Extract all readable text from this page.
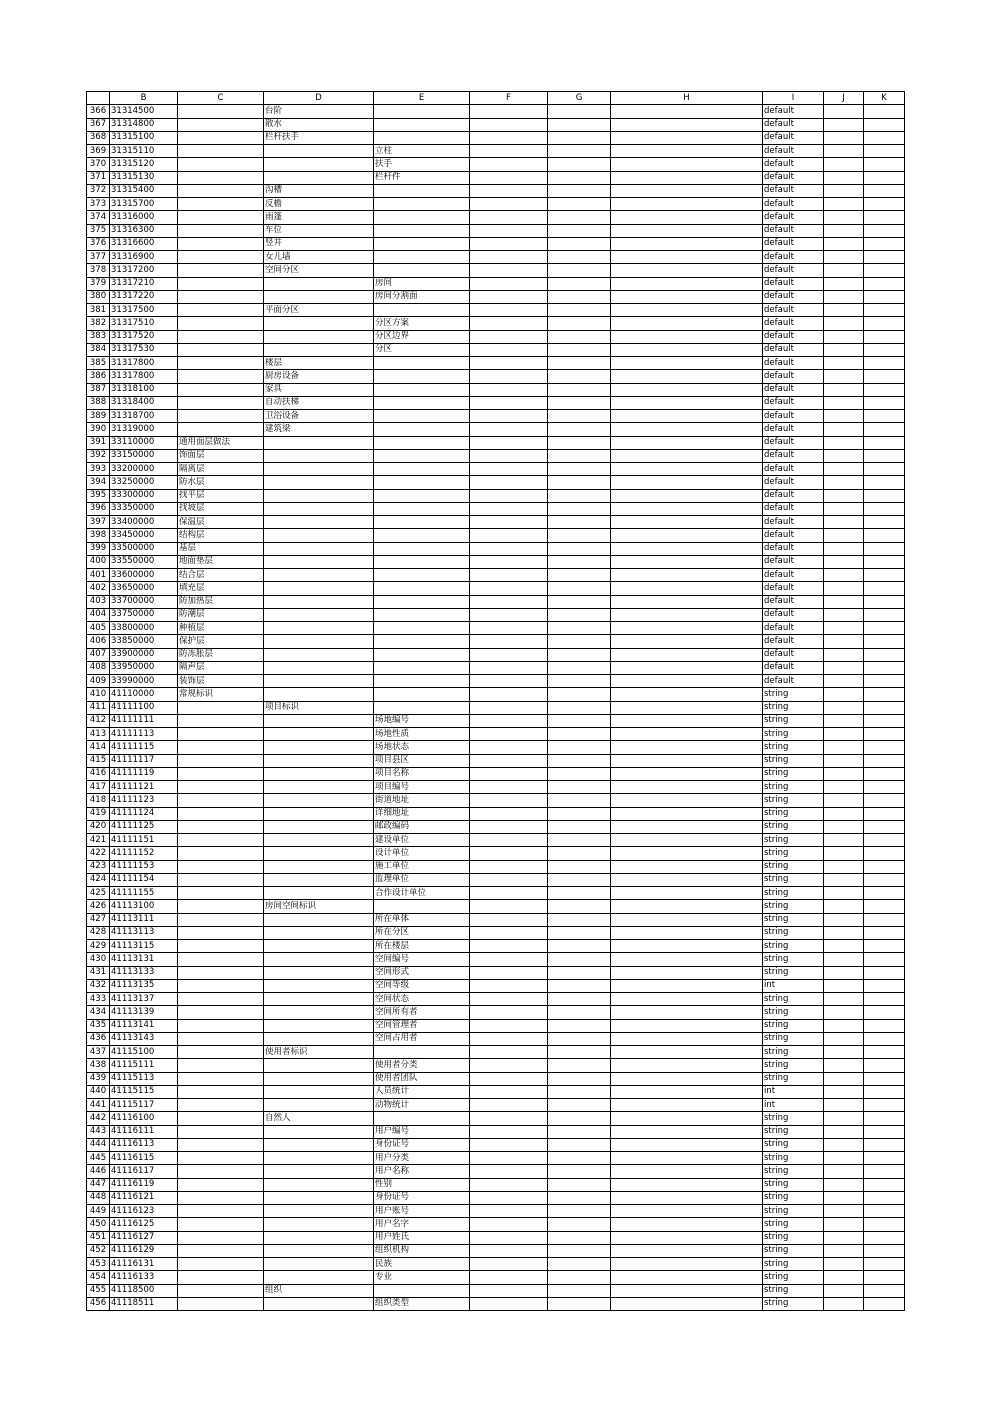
	B	C	D	E	F	G	H	I	J	K
366	31314500		台阶					default		
367	31314800		散水					default		
368	31315100		栏杆扶手					default		
369	31315110			立柱				default		
370	31315120			扶手				default		
371	31315130			栏杆件				default		
372	31315400		沟槽					default		
373	31315700		反檐					default		
374	31316000		雨篷					default		
375	31316300		车位					default		
376	31316600		竖井					default		
377	31316900		女儿墙					default		
378	31317200		空间分区					default		
379	31317210			房间				default		
380	31317220			房间分割面				default		
381	31317500		平面分区					default		
382	31317510			分区方案				default		
383	31317520			分区边界				default		
384	31317530			分区				default		
385	31317800		楼层					default		
386	31317800		厨房设备					default		
387	31318100		家具					default		
388	31318400		自动扶梯					default		
389	31318700		卫浴设备					default		
390	31319000		建筑梁					default		
391	33110000	通用面层做法						default		
392	33150000	饰面层						default		
393	33200000	隔离层						default		
394	33250000	防水层						default		
395	33300000	找平层						default		
396	33350000	找坡层						default		
397	33400000	保温层						default		
398	33450000	结构层						default		
399	33500000	基层						default		
400	33550000	地面垫层						default		
401	33600000	结合层						default		
402	33650000	填充层						default		
403	33700000	防加热层						default		
404	33750000	防潮层						default		
405	33800000	种植层						default		
406	33850000	保护层						default		
407	33900000	防冻胀层						default		
408	33950000	隔声层						default		
409	33990000	装饰层						default		
410	41110000	常规标识						string		
411	41111100		项目标识					string		
412	41111111			场地编号				string		
413	41111113			场地性质				string		
414	41111115			场地状态				string		
415	41111117			项目县区				string		
416	41111119			项目名称				string		
417	41111121			项目编号				string		
418	41111123			街道地址				string		
419	41111124			详细地址				string		
420	41111125			邮政编码				string		
421	41111151			建设单位				string		
422	41111152			设计单位				string		
423	41111153			施工单位				string		
424	41111154			监理单位				string		
425	41111155			合作设计单位				string		
426	41113100		房间空间标识					string		
427	41113111			所在单体				string		
428	41113113			所在分区				string		
429	41113115			所在楼层				string		
430	41113131			空间编号				string		
431	41113133			空间形式				string		
432	41113135			空间等级				int		
433	41113137			空间状态				string		
434	41113139			空间所有者				string		
435	41113141			空间管理者				string		
436	41113143			空间占用者				string		
437	41115100		使用者标识					string		
438	41115111			使用者分类				string		
439	41115113			使用者团队				string		
440	41115115			人员统计				int		
441	41115117			动物统计				int		
442	41116100		自然人					string		
443	41116111			用户编号				string		
444	41116113			身份证号				string		
445	41116115			用户分类				string		
446	41116117			用户名称				string		
447	41116119			性别				string		
448	41116121			身份证号				string		
449	41116123			用户账号				string		
450	41116125			用户名字				string		
451	41116127			用户姓氏				string		
452	41116129			组织机构				string		
453	41116131			民族				string		
454	41116133			专业				string		
455	41118500		组织					string		
456	41118511			组织类型				string		
